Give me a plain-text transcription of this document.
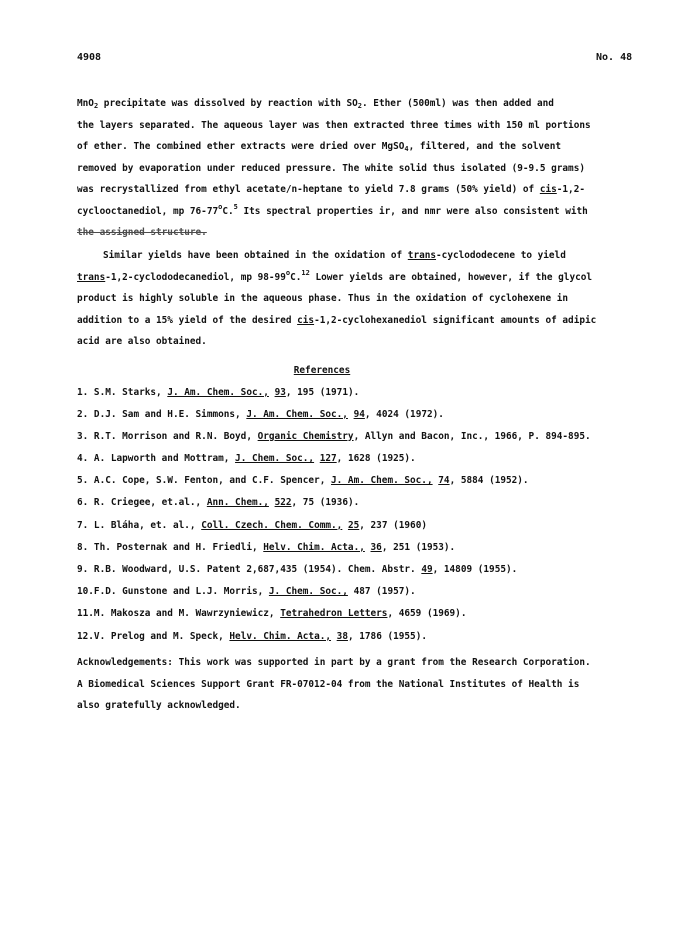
4908	No. 48
MnO$_2$ precipitate was dissolved by reaction with $SO_2$. Ether (500ml) was then added and
the layers separated. The aqueous layer was then extracted three times with 150 ml portions
of ether. The combined ether extracts were dried over MgSO$_4$, filtered, and the solvent
removed by evaporation under reduced pressure. The white solid thus isolated (9-9.5 grams)
was recrystallized from ethyl acetate/n-heptane to yield 7.8 grams (50% yield) of cis-1,2-
cyclooctanediol, mp 76-77$^o$C.$^5$ Its spectral properties ir, and nmr were also consistent with
the assigned structure.
Similar yields have been obtained in the oxidation of trans-cyclododecene to yield
trans-1,2-cyclododecanediol, mp 98-99$^o$C.$^{12}$ Lower yields are obtained, however, if the glycol
product is highly soluble in the aqueous phase. Thus in the oxidation of cyclohexene in
addition to a 15% yield of the desired cis-1,2-cyclohexanediol significant amounts of adipic
acid are also obtained.
References
1. S.M. Starks, J. Am. Chem. Soc., 93, 195 (1971).
2. D.J. Sam and H.E. Simmons, J. Am. Chem. Soc., 94, 4024 (1972).
3. R.T. Morrison and R.N. Boyd, Organic Chemistry, Allyn and Bacon, Inc., 1966, P. 894-895.
4. A. Lapworth and Mottram, J. Chem. Soc., 127, 1628 (1925).
5. A.C. Cope, S.W. Fenton, and C.F. Spencer, J. Am. Chem. Soc., 74, 5884 (1952).
6. R. Criegee, et.al., Ann. Chem., 522, 75 (1936).
7. L. Bláha, et. al., Coll. Czech. Chem. Comm., 25, 237 (1960)
8. Th. Posternak and H. Friedli, Helv. Chim. Acta., 36, 251 (1953).
9. R.B. Woodward, U.S. Patent 2,687,435 (1954). Chem. Abstr. 49, 14809 (1955).
10.F.D. Gunstone and L.J. Morris, J. Chem. Soc., 487 (1957).
11.M. Makosza and M. Wawrzyniewicz, Tetrahedron Letters, 4659 (1969).
12.V. Prelog and M. Speck, Helv. Chim. Acta., 38, 1786 (1955).
Acknowledgements: This work was supported in part by a grant from the Research Corporation.
A Biomedical Sciences Support Grant FR-07012-04 from the National Institutes of Health is
also gratefully acknowledged.
